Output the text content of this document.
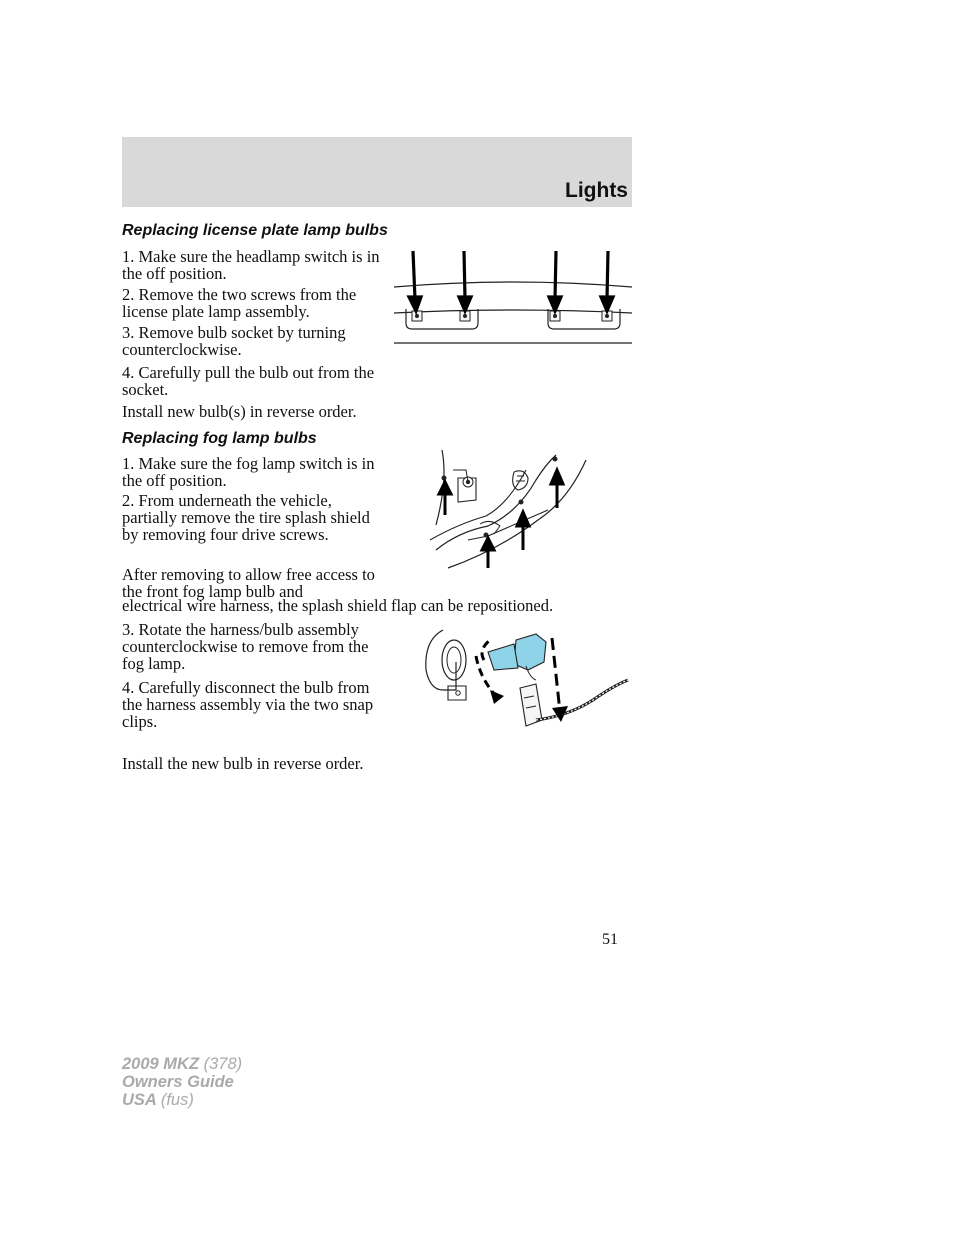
Lights
Replacing license plate lamp bulbs
1. Make sure the headlamp switch is in the off position.
2. Remove the two screws from the license plate lamp assembly.
3. Remove bulb socket by turning counterclockwise.
4. Carefully pull the bulb out from the socket.
Install new bulb(s) in reverse order.
Replacing fog lamp bulbs
1. Make sure the fog lamp switch is in the off position.
2. From underneath the vehicle, partially remove the tire splash shield by removing four drive screws.
After removing to allow free access to the front fog lamp bulb and
electrical wire harness, the splash shield flap can be repositioned.
3. Rotate the harness/bulb assembly counterclockwise to remove from the fog lamp.
4. Carefully disconnect the bulb from the harness assembly via the two snap clips.
Install the new bulb in reverse order.
51
2009 MKZ (378)
Owners Guide
USA (fus)
